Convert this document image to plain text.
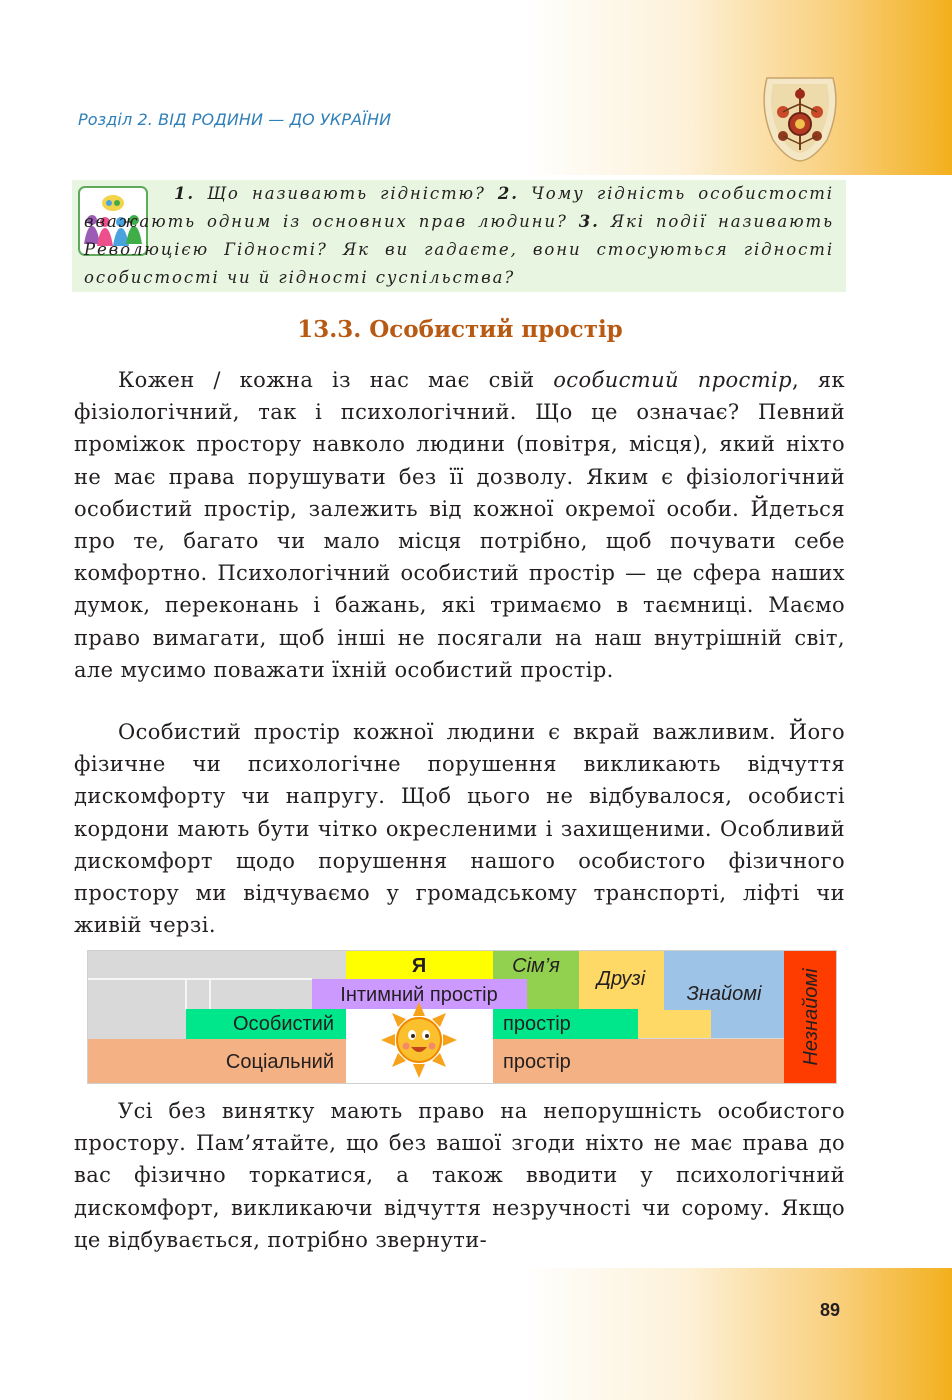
Розділ 2. ВІД РОДИНИ — ДО УКРАЇНИ
1. Що називають гідністю? 2. Чому гідність особистості вважають одним із основних прав людини? 3. Які події називають Революцією Гідності? Як ви гадаєте, вони стосуються гідності особистості чи й гідності суспільства?
13.3. Особистий простір
Кожен / кожна із нас має свій особистий простір, як фізіологічний, так і психологічний. Що це означає? Певний проміжок простору навколо людини (повітря, місця), який ніхто не має права порушувати без її дозволу. Яким є фізіологічний особистий простір, залежить від кожної окремої особи. Йдеться про те, багато чи мало місця потрібно, щоб почувати себе комфортно. Психологічний особистий простір — це сфера наших думок, переконань і бажань, які тримаємо в таємниці. Маємо право вимагати, щоб інші не посягали на наш внутрішній світ, але мусимо поважати їхній особистий простір.
Особистий простір кожної людини є вкрай важливим. Його фізичне чи психологічне порушення викликають відчуття дискомфорту чи напругу. Щоб цього не відбувалося, особисті кордони мають бути чітко окресленими і захищеними. Особливий дискомфорт щодо порушення нашого особистого фізичного простору ми відчуваємо у громадському транспорті, ліфті чи живій черзі.
Я	Сім’я
Друзі
Знайомі
Інтимний простір
Особистий	простір
Соціальний	простір	Незнайомі
Усі без винятку мають право на непорушність особистого простору. Пам’ятайте, що без вашої згоди ніхто не має права до вас фізично торкатися, а також вводити у психологічний дискомфорт, викликаючи відчуття незручності чи сорому. Якщо це відбувається, потрібно звернути-
89
